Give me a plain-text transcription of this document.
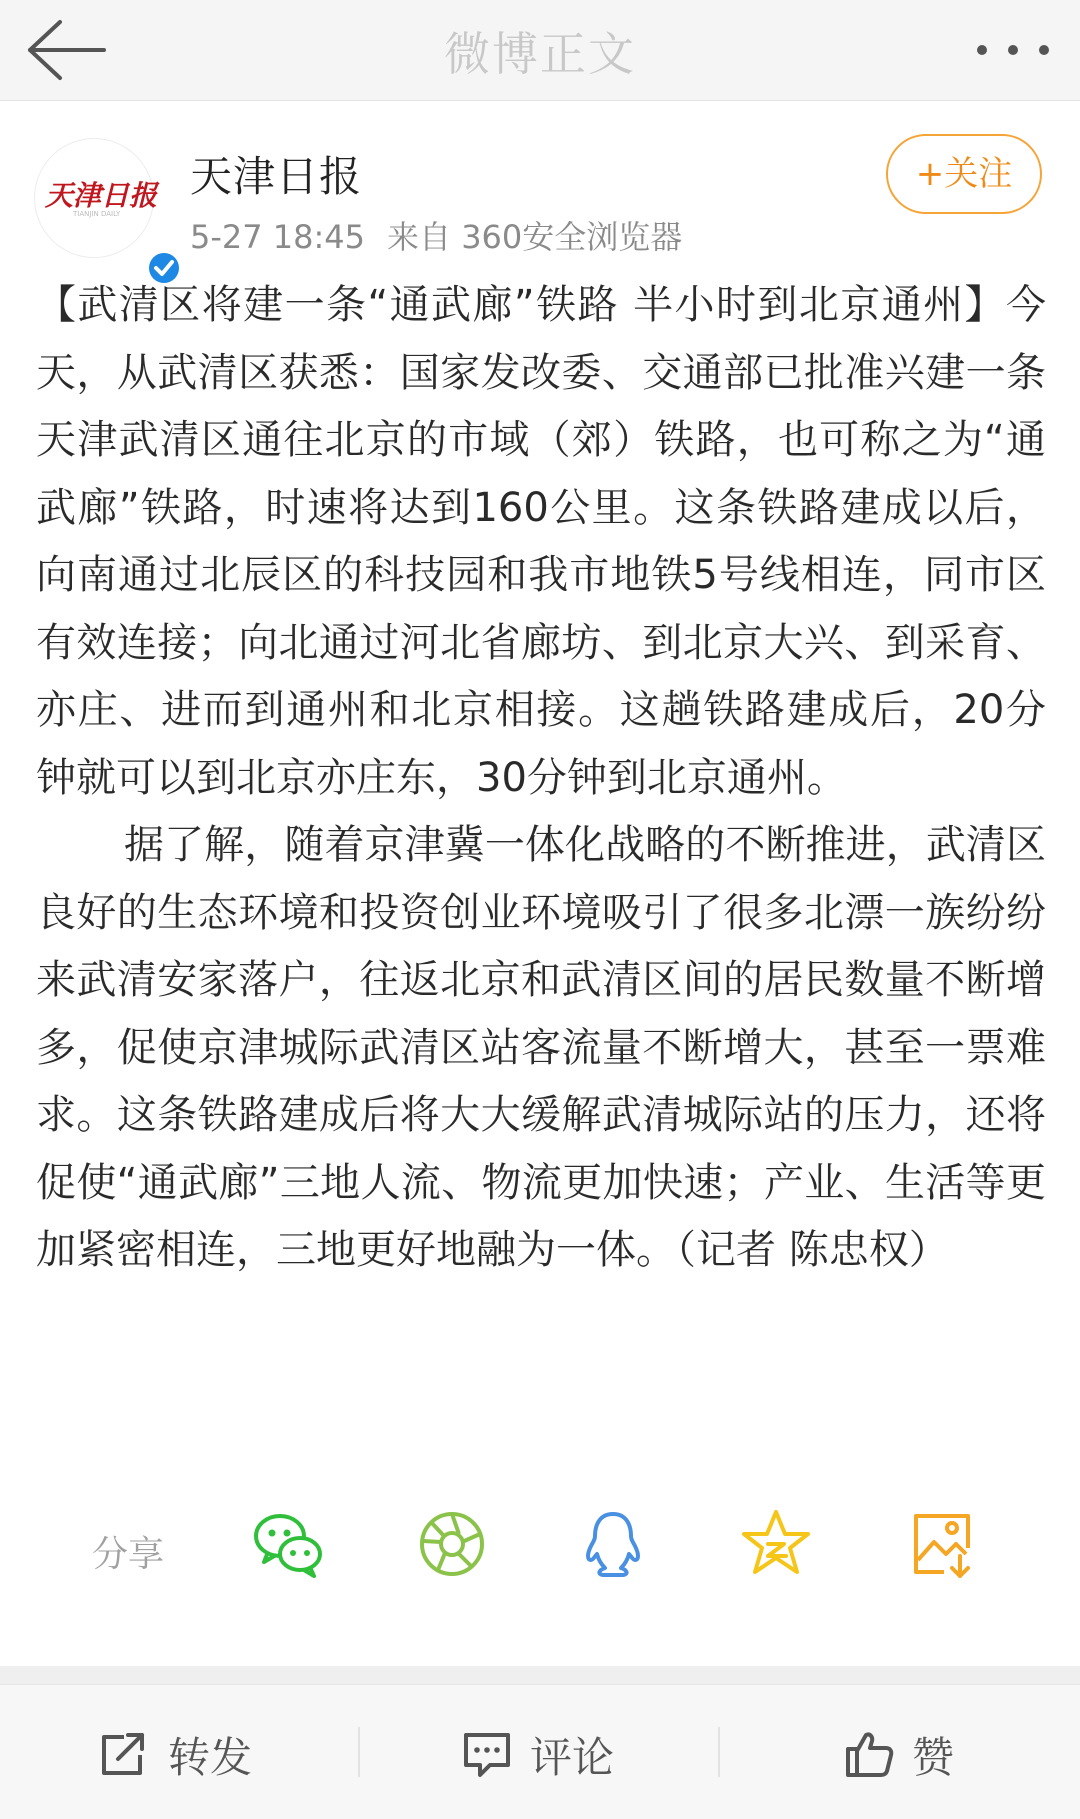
微博正文
天津日报
TIANJIN DAILY
天津日报
5-27 18:45 来自 360安全浏览器
+关注

【武清区将建一条“通武廊”铁路 半小时到北京通州】今天，从武清区获悉：国家发改委、交通部已批准兴建一条天津武清区通往北京的市域（郊）铁路，也可称之为“通武廊”铁路，时速将达到160公里。这条铁路建成以后，向南通过北辰区的科技园和我市地铁5号线相连，同市区有效连接；向北通过河北省廊坊、到北京大兴、到采育、亦庄、进而到通州和北京相接。这趟铁路建成后，20分钟就可以到北京亦庄东，30分钟到北京通州。

据了解，随着京津冀一体化战略的不断推进，武清区良好的生态环境和投资创业环境吸引了很多北漂一族纷纷来武清安家落户，往返北京和武清区间的居民数量不断增多，促使京津城际武清区站客流量不断增大，甚至一票难求。这条铁路建成后将大大缓解武清城际站的压力，还将促使“通武廊”三地人流、物流更加快速；产业、生活等更加紧密相连，三地更好地融为一体。（记者 陈忠权）

分享
转发	评论	赞
